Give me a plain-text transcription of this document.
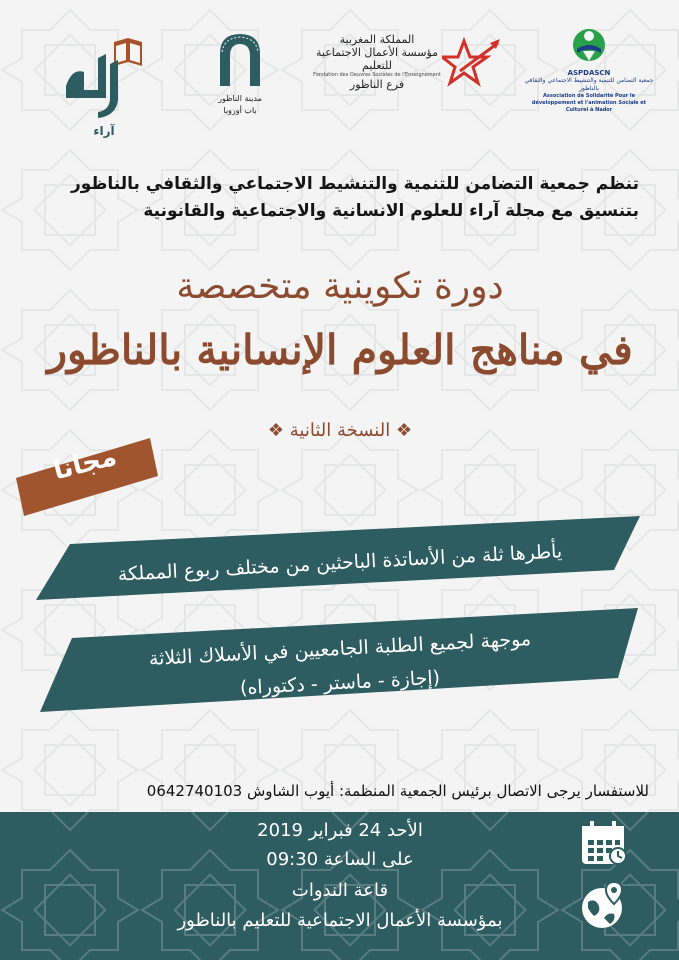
مدينة الناظور
باب أوروبا
المملكة المغربية
مؤسسة الأعمال الاجتماعية للتعليم
Fondation des Oeuvres Sociales de l'Enseignement
فرع الناظور
ASPDASCN
جمعية التضامن للتنمية والتنشيط الاجتماعي والثقافي بالناظور
Association de Solidarité Pour le développement et l'animation Sociale et Culturel à Nador
تنظم جمعية التضامن للتنمية والتنشيط الاجتماعي والثقافي بالناظور
بتنسيق مع مجلة آراء للعلوم الانسانية والاجتماعية والقانونية
دورة تكوينية متخصصة
في مناهج العلوم الإنسانية بالناظور
❖ النسخة الثانية ❖
مجانا
يأطرها ثلة من الأساتذة الباحثين من مختلف ربوع المملكة
موجهة لجميع الطلبة الجامعيين في الأسلاك الثلاثة
(إجازة - ماستر - دكتوراه)
للاستفسار يرجى الاتصال برئيس الجمعية المنظمة: أيوب الشاوش 0642740103
الأحد 24 فبراير 2019
على الساعة 09:30
قاعة الندوات
بمؤسسة الأعمال الاجتماعية للتعليم بالناظور
آراء
